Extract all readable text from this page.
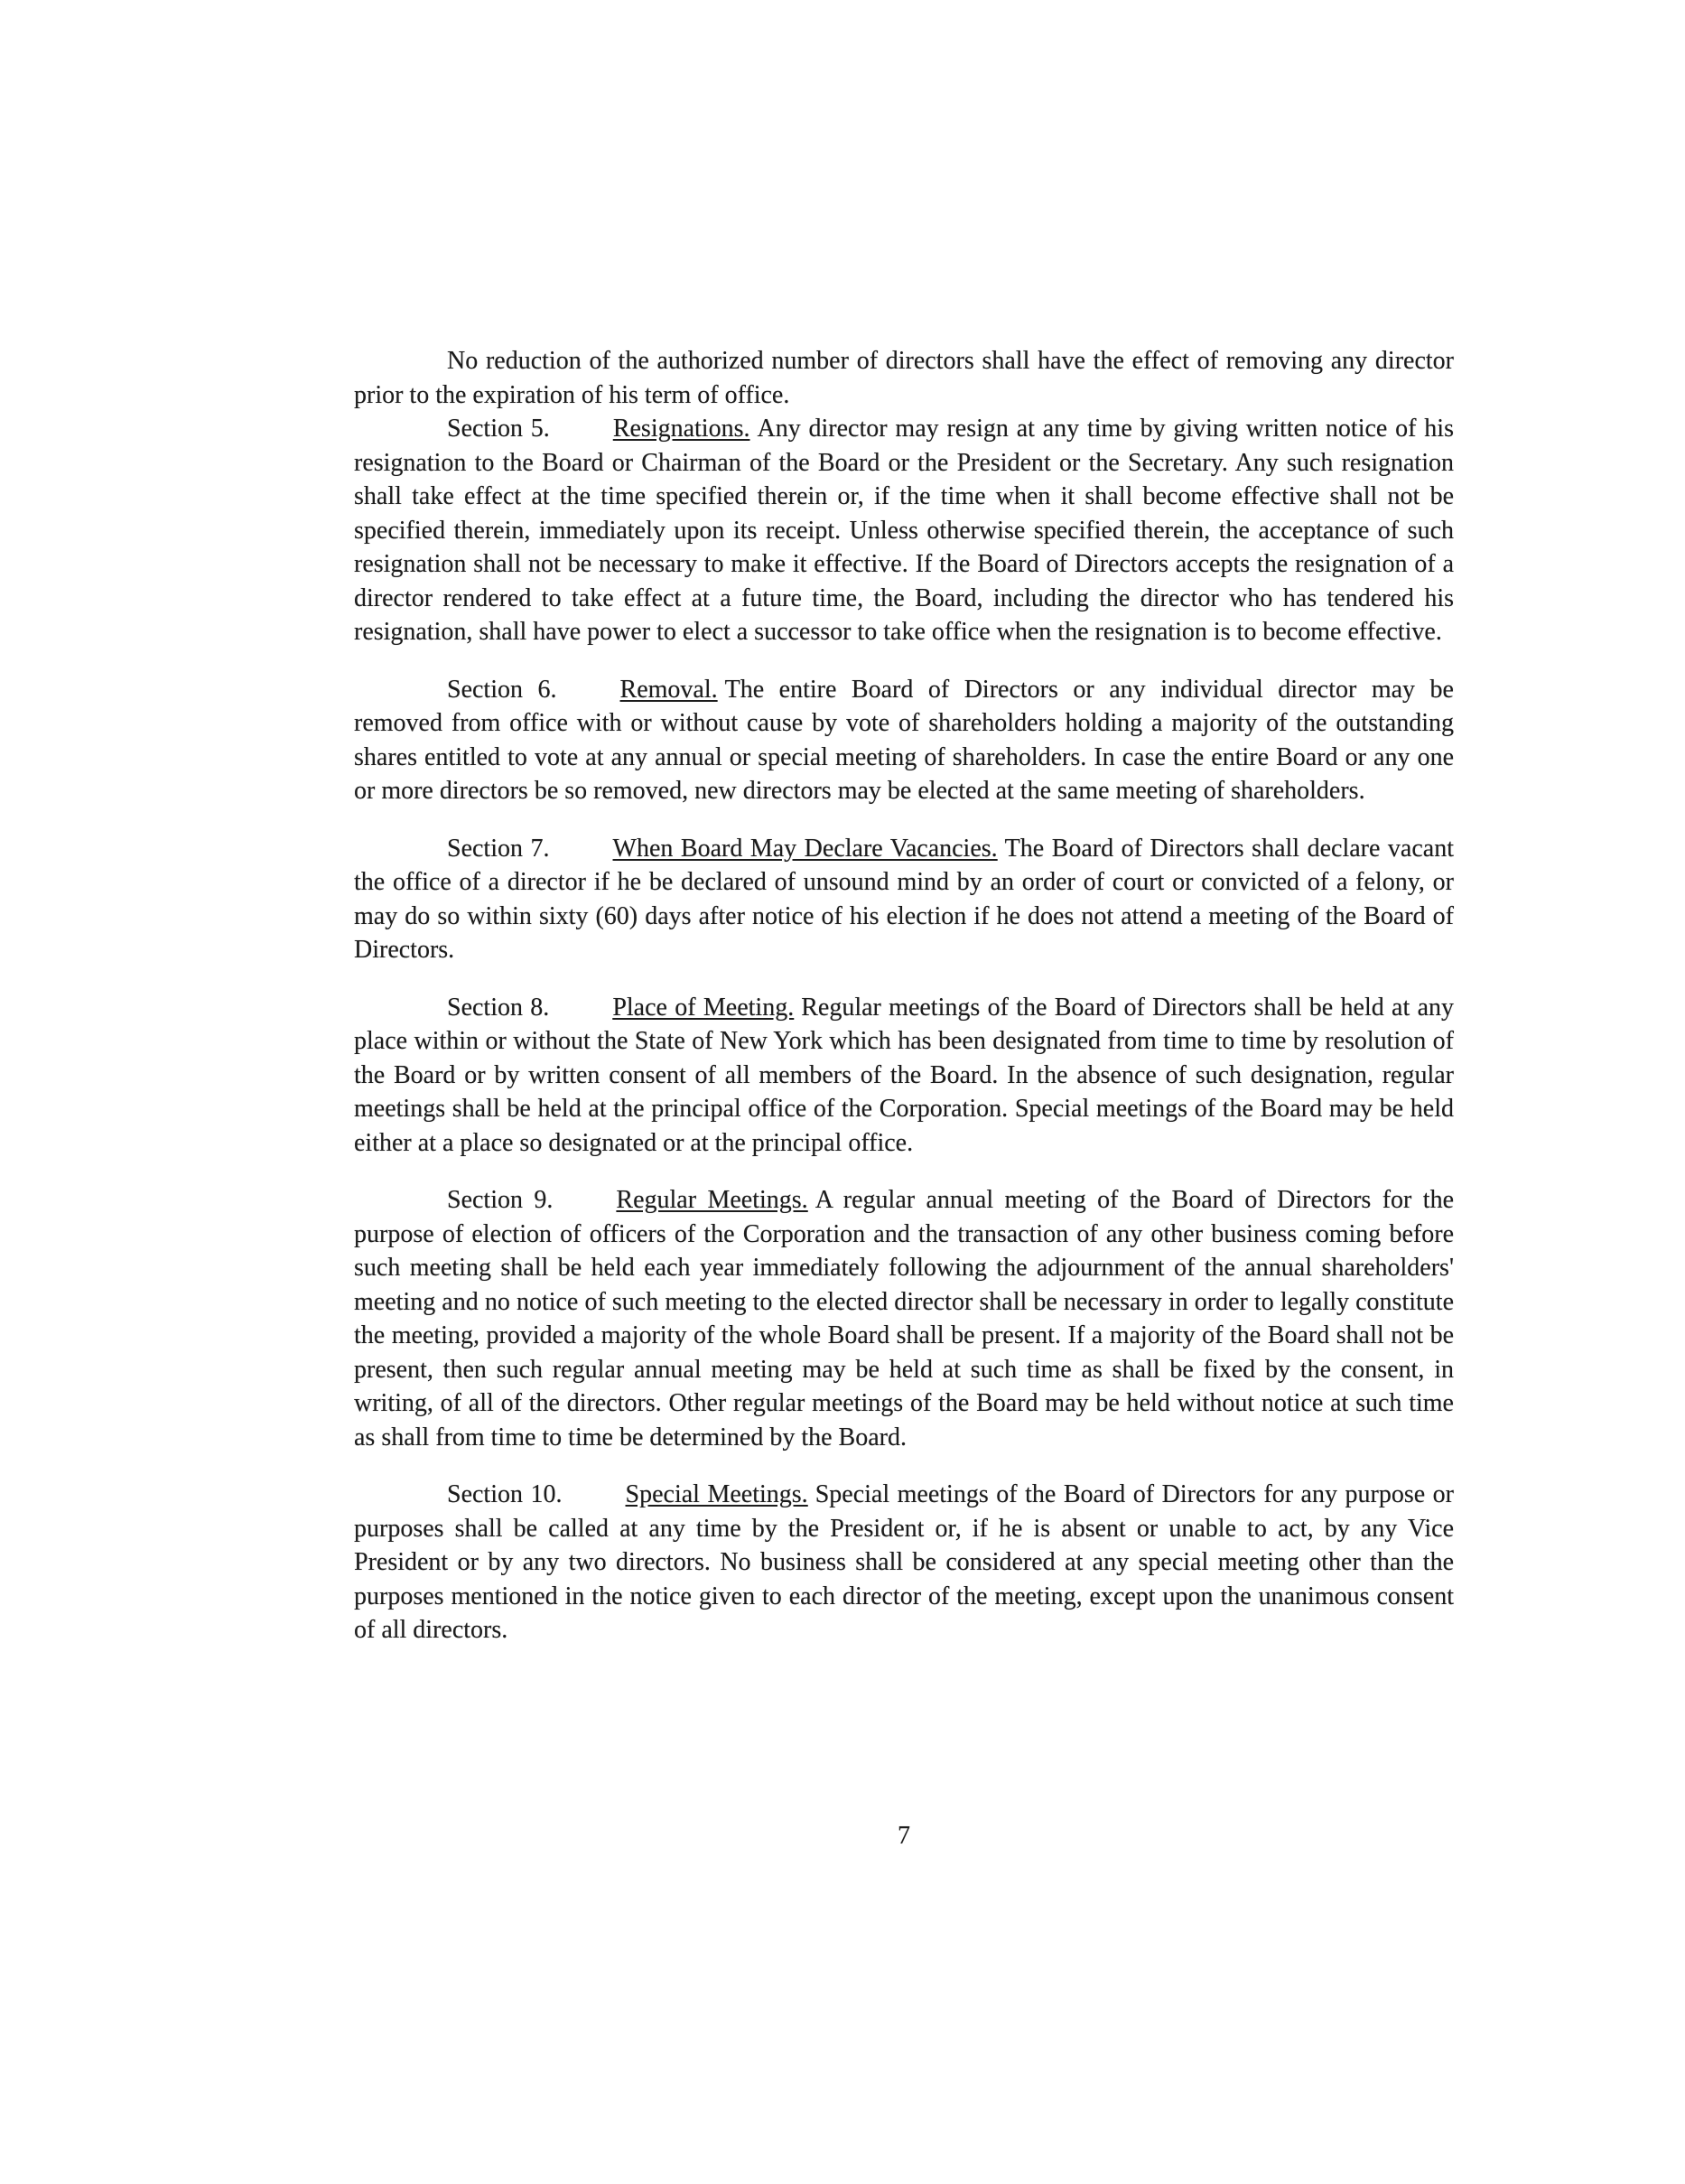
No reduction of the authorized number of directors shall have the effect of removing any director prior to the expiration of his term of office.

Section 5.	Resignations. Any director may resign at any time by giving written notice of his resignation to the Board or Chairman of the Board or the President or the Secretary. Any such resignation shall take effect at the time specified therein or, if the time when it shall become effective shall not be specified therein, immediately upon its receipt. Unless otherwise specified therein, the acceptance of such resignation shall not be necessary to make it effective. If the Board of Directors accepts the resignation of a director rendered to take effect at a future time, the Board, including the director who has tendered his resignation, shall have power to elect a successor to take office when the resignation is to become effective.

Section 6.	Removal. The entire Board of Directors or any individual director may be removed from office with or without cause by vote of shareholders holding a majority of the outstanding shares entitled to vote at any annual or special meeting of shareholders. In case the entire Board or any one or more directors be so removed, new directors may be elected at the same meeting of shareholders.

Section 7.	When Board May Declare Vacancies. The Board of Directors shall declare vacant the office of a director if he be declared of unsound mind by an order of court or convicted of a felony, or may do so within sixty (60) days after notice of his election if he does not attend a meeting of the Board of Directors.

Section 8.	Place of Meeting. Regular meetings of the Board of Directors shall be held at any place within or without the State of New York which has been designated from time to time by resolution of the Board or by written consent of all members of the Board. In the absence of such designation, regular meetings shall be held at the principal office of the Corporation. Special meetings of the Board may be held either at a place so designated or at the principal office.

Section 9.	Regular Meetings. A regular annual meeting of the Board of Directors for the purpose of election of officers of the Corporation and the transaction of any other business coming before such meeting shall be held each year immediately following the adjournment of the annual shareholders' meeting and no notice of such meeting to the elected director shall be necessary in order to legally constitute the meeting, provided a majority of the whole Board shall be present. If a majority of the Board shall not be present, then such regular annual meeting may be held at such time as shall be fixed by the consent, in writing, of all of the directors. Other regular meetings of the Board may be held without notice at such time as shall from time to time be determined by the Board.

Section 10.	Special Meetings. Special meetings of the Board of Directors for any purpose or purposes shall be called at any time by the President or, if he is absent or unable to act, by any Vice President or by any two directors. No business shall be considered at any special meeting other than the purposes mentioned in the notice given to each director of the meeting, except upon the unanimous consent of all directors.

7
